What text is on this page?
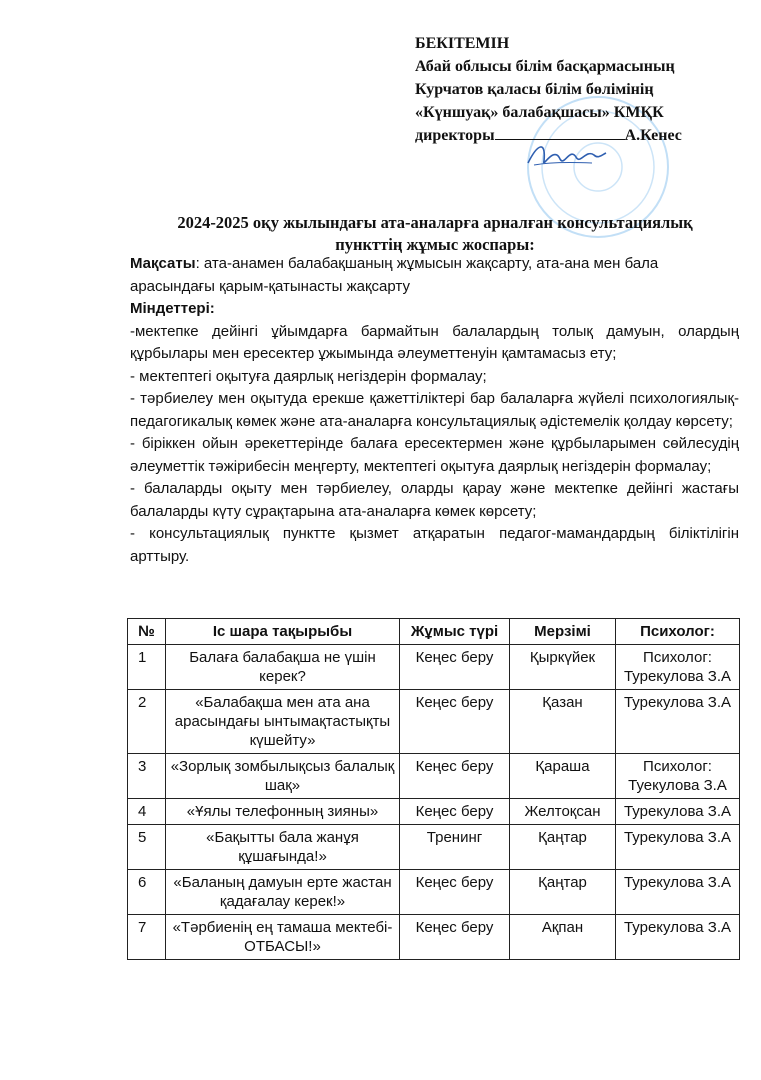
БЕКІТЕМІН
Абай облысы білім басқармасының
Курчатов қаласы білім бөлімінің
«Күншуақ» балабақшасы» КМҚК
директоры	А.Кенес
2024-2025 оқу жылындағы ата-аналарға арналған консультациялық
пункттің жұмыс жоспары:

Мақсаты: ата-анамен балабақшаның жұмысын жақсарту, ата-ана мен бала арасындағы қарым-қатынасты жақсарту

Міндеттері:

-мектепке дейінгі ұйымдарға бармайтын балалардың толық дамуын, олардың құрбылары мен ересектер ұжымында әлеуметтенуін қамтамасыз ету;

- мектептегі оқытуға даярлық негіздерін формалау;

- тәрбиелеу мен оқытуда ерекше қажеттіліктері бар балаларға жүйелі психологиялық-педагогикалық көмек және ата-аналарға консультациялық әдістемелік қолдау көрсету;

- біріккен ойын әрекеттерінде балаға ересектермен және құрбыларымен сөйлесудің әлеуметтік тәжірибесін меңгерту, мектептегі оқытуға даярлық негіздерін формалау;

- балаларды оқыту мен тәрбиелеу, оларды қарау және мектепке дейінгі жастағы балаларды күту сұрақтарына ата-аналарға көмек көрсету;

- консультациялық пунктте қызмет атқаратын педагог-мамандардың біліктілігін арттыру.

№	Іс шара тақырыбы	Жұмыс түрі	Мерзімі	Психолог:
1	Балаға балабақша не үшін керек?	Кеңес беру	Қыркүйек	Психолог: Турекулова З.А
2	«Балабақша мен ата ана арасындағы ынтымақтастықты күшейту»	Кеңес беру	Қазан	Турекулова З.А
3	«Зорлық зомбылықсыз балалық шақ»	Кеңес беру	Қараша	Психолог: Туекулова З.А
4	«Ұялы телефонның зияны»	Кеңес беру	Желтоқсан	Турекулова З.А
5	«Бақытты бала жанұя құшағында!»	Тренинг	Қаңтар	Турекулова З.А
6	«Баланың дамуын ерте жастан қадағалау керек!»	Кеңес беру	Қаңтар	Турекулова З.А
7	«Тәрбиенің ең тамаша мектебі-ОТБАСЫ!»	Кеңес беру	Ақпан	Турекулова З.А
